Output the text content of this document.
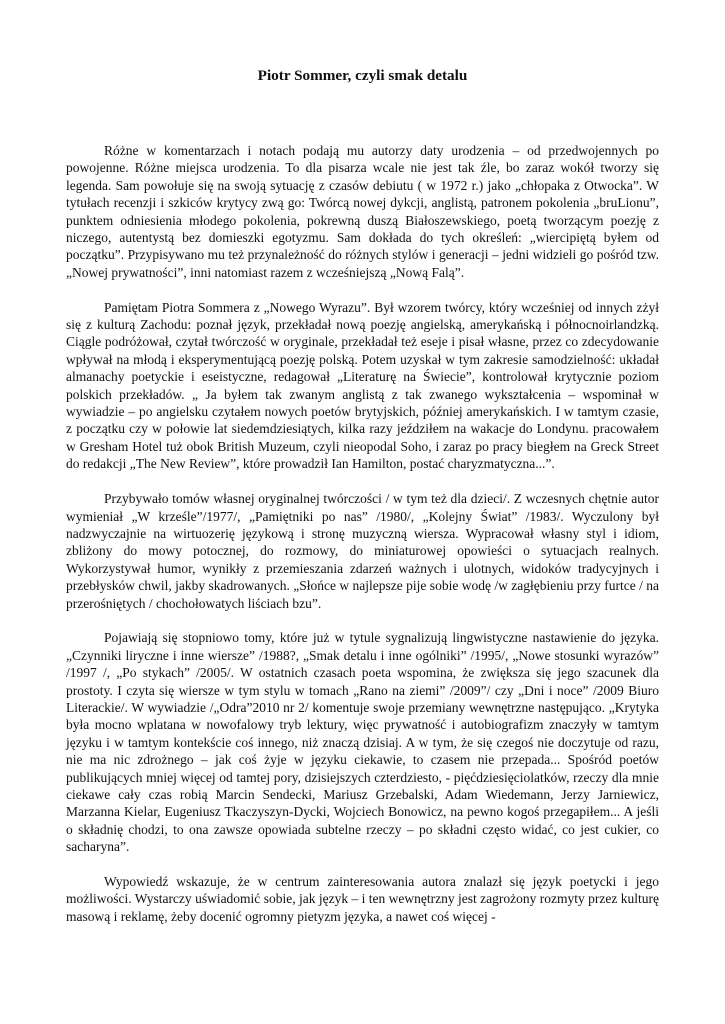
Piotr Sommer, czyli smak detalu

Różne w komentarzach i notach podają mu autorzy daty urodzenia – od przedwojennych po powojenne. Różne miejsca urodzenia. To dla pisarza wcale nie jest tak źle, bo zaraz wokół tworzy się legenda. Sam powołuje się na swoją sytuację z czasów debiutu ( w 1972 r.) jako „chłopaka z Otwocka”. W tytułach recenzji i szkiców krytycy zwą go: Twórcą nowej dykcji, anglistą, patronem pokolenia „bruLionu”, punktem odniesienia młodego pokolenia, pokrewną duszą Białoszewskiego, poetą tworzącym poezję z niczego, autentystą bez domieszki egotyzmu. Sam dokłada do tych określeń: „wiercipiętą byłem od początku”. Przypisywano mu też przynależność do różnych stylów i generacji – jedni widzieli go pośród tzw. „Nowej prywatności”, inni natomiast razem z wcześniejszą „Nową Falą”.

Pamiętam Piotra Sommera z „Nowego Wyrazu”. Był wzorem twórcy, który wcześniej od innych zżył się z kulturą Zachodu: poznał język, przekładał nową poezję angielską, amerykańską i północnoirlandzką. Ciągle podróżował, czytał twórczość w oryginale, przekładał też eseje i pisał własne, przez co zdecydowanie wpływał na młodą i eksperymentującą poezję polską. Potem uzyskał w tym zakresie samodzielność: układał almanachy poetyckie i eseistyczne, redagował „Literaturę na Świecie”, kontrolował krytycznie poziom polskich przekładów. „ Ja byłem tak zwanym anglistą z tak zwanego wykształcenia – wspominał w wywiadzie – po angielsku czytałem nowych poetów brytyjskich, później amerykańskich. I w tamtym czasie, z początku czy w połowie lat siedemdziesiątych, kilka razy jeździłem na wakacje do Londynu. pracowałem w Gresham Hotel tuż obok British Muzeum, czyli nieopodal Soho, i zaraz po pracy biegłem na Greck Street do redakcji „The New Review”, które prowadził Ian Hamilton, postać charyzmatyczna...”.

Przybywało tomów własnej oryginalnej twórczości / w tym też dla dzieci/. Z wczesnych chętnie autor wymieniał „W krześle”/1977/, „Pamiętniki po nas” /1980/, „Kolejny Świat” /1983/. Wyczulony był nadzwyczajnie na wirtuozerię językową i stronę muzyczną wiersza. Wypracował własny styl i idiom, zbliżony do mowy potocznej, do rozmowy, do miniaturowej opowieści o sytuacjach realnych. Wykorzystywał humor, wynikły z przemieszania zdarzeń ważnych i ulotnych, widoków tradycyjnych i przebłysków chwil, jakby skadrowanych. „Słońce w najlepsze pije sobie wodę /w zagłębieniu przy furtce / na przerośniętych / chochołowatych liściach bzu”.

Pojawiają się stopniowo tomy, które już w tytule sygnalizują lingwistyczne nastawienie do języka. „Czynniki liryczne i inne wiersze” /1988?, „Smak detalu i inne ogólniki” /1995/, „Nowe stosunki wyrazów” /1997 /, „Po stykach” /2005/. W ostatnich czasach poeta wspomina, że zwiększa się jego szacunek dla prostoty. I czyta się wiersze w tym stylu w tomach „Rano na ziemi” /2009”/ czy „Dni i noce” /2009 Biuro Literackie/. W wywiadzie /„Odra”2010 nr 2/ komentuje swoje przemiany wewnętrzne następująco. „Krytyka była mocno wplatana w nowofalowy tryb lektury, więc prywatność i autobiografizm znaczyły w tamtym języku i w tamtym kontekście coś innego, niż znaczą dzisiaj. A w tym, że się czegoś nie doczytuje od razu, nie ma nic zdrożnego – jak coś żyje w języku ciekawie, to czasem nie przepada... Spośród poetów publikujących mniej więcej od tamtej pory, dzisiejszych czterdziesto, - pięćdziesięciolatków, rzeczy dla mnie ciekawe cały czas robią Marcin Sendecki, Mariusz Grzebalski, Adam Wiedemann, Jerzy Jarniewicz, Marzanna Kielar, Eugeniusz Tkaczyszyn-Dycki, Wojciech Bonowicz, na pewno kogoś przegapiłem... A jeśli o składnię chodzi, to ona zawsze opowiada subtelne rzeczy – po składni często widać, co jest cukier, co sacharyna”.

Wypowiedź wskazuje, że w centrum zainteresowania autora znalazł się język poetycki i jego możliwości. Wystarczy uświadomić sobie, jak język – i ten wewnętrzny jest zagrożony rozmyty przez kulturę masową i reklamę, żeby docenić ogromny pietyzm języka, a nawet coś więcej -
